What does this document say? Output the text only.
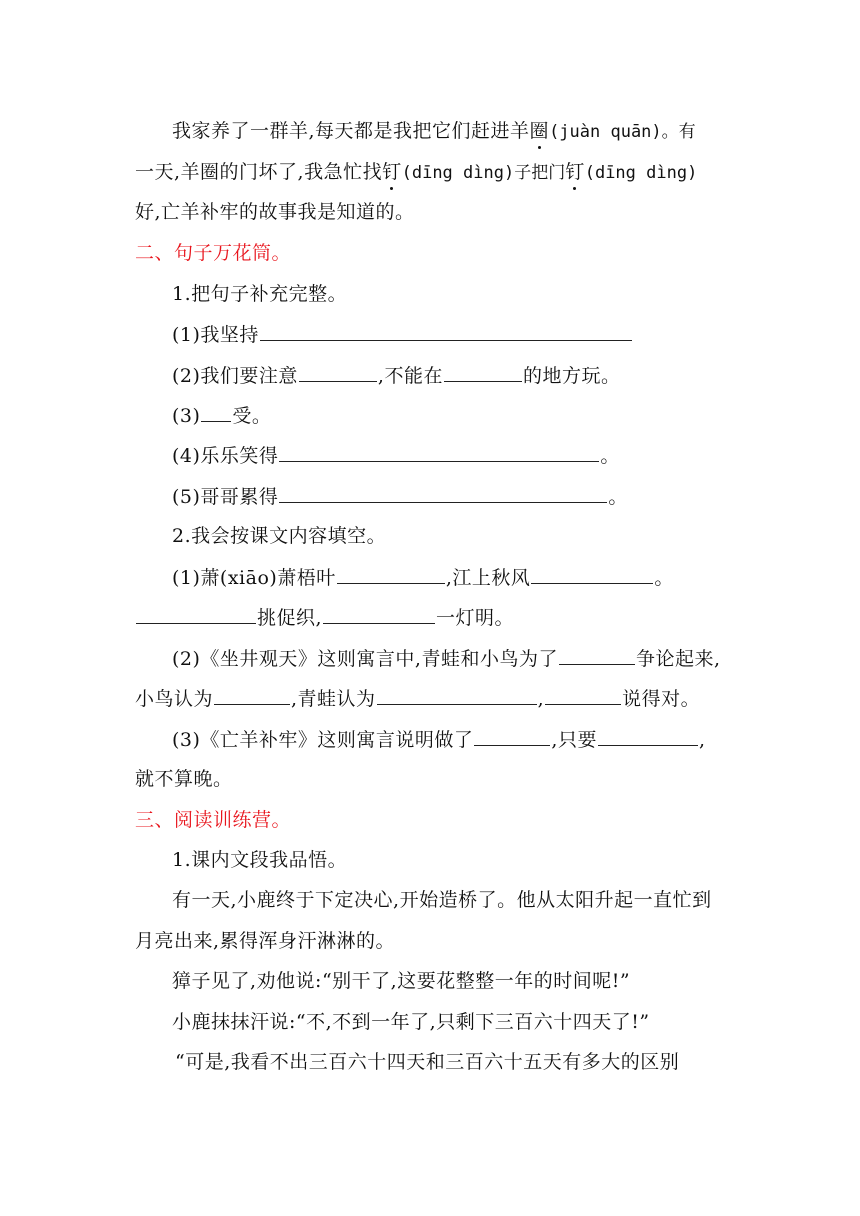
我家养了一群羊,每天都是我把它们赶进羊圈(juàn quān)。有
一天,羊圈的门坏了,我急忙找钉(dīng dìng)子把门钉(dīng dìng)
好,亡羊补牢的故事我是知道的。
二、句子万花筒。
1.把句子补充完整。
(1)我坚持
(2)我们要注意	,不能在	的地方玩。
(3) 受。
(4)乐乐笑得	。
(5)哥哥累得	。
2.我会按课文内容填空。
(1)萧(xiāo)萧梧叶	,江上秋风	。
挑促织,	一灯明。
(2)《坐井观天》这则寓言中,青蛙和小鸟为了	争论起来,
小鸟认为	,青蛙认为	,	说得对。
(3)《亡羊补牢》这则寓言说明做了	,只要	,
就不算晚。
三、阅读训练营。
1.课内文段我品悟。
有一天,小鹿终于下定决心,开始造桥了。他从太阳升起一直忙到
月亮出来,累得浑身汗淋淋的。
獐子见了,劝他说:“别干了,这要花整整一年的时间呢!”
小鹿抹抹汗说:“不,不到一年了,只剩下三百六十四天了!”
“可是,我看不出三百六十四天和三百六十五天有多大的区别
